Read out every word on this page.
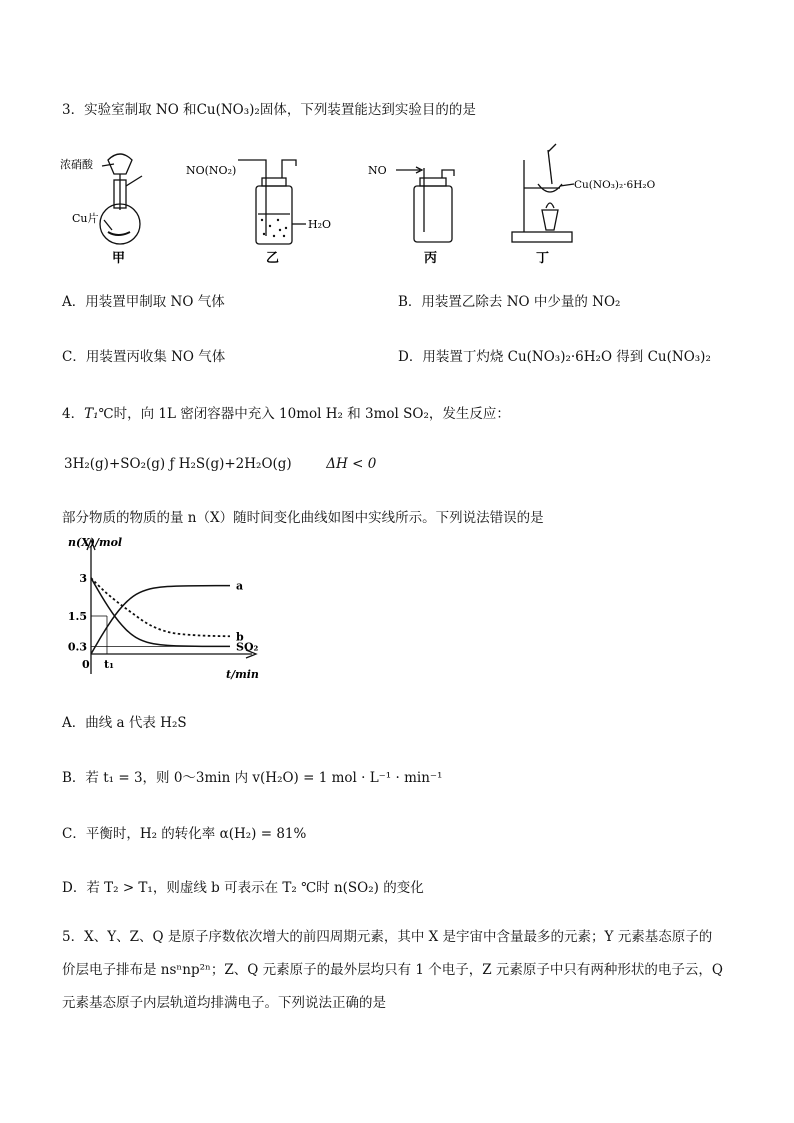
3．实验室制取 NO 和Cu(NO₃)₂固体，下列装置能达到实验目的的是
浓硝酸
Cu片
甲
NO(NO₂)
H₂O
乙
NO
丙
Cu(NO₃)₂·6H₂O
丁
A．用装置甲制取 NO 气体	B．用装置乙除去 NO 中少量的 NO₂
C．用装置丙收集 NO 气体	D．用装置丁灼烧 Cu(NO₃)₂·6H₂O 得到 Cu(NO₃)₂
4．T₁℃时，向 1L 密闭容器中充入 10mol H₂ 和 3mol SO₂，发生反应：
3H₂(g)+SO₂(g) ƒ H₂S(g)+2H₂O(g)	ΔH < 0
部分物质的物质的量 n（X）随时间变化曲线如图中实线所示。下列说法错误的是
n(X)/mol
t/min
3
1.5
0.3
0 t₁
a
b
SO₂
A．曲线 a 代表 H₂S
B．若 t₁ = 3，则 0～3min 内 v(H₂O) = 1 mol · L⁻¹ · min⁻¹
C．平衡时，H₂ 的转化率 α(H₂) = 81%
D．若 T₂ > T₁，则虚线 b 可表示在 T₂ ℃时 n(SO₂) 的变化
5．X、Y、Z、Q 是原子序数依次增大的前四周期元素，其中 X 是宇宙中含量最多的元素；Y 元素基态原子的
价层电子排布是 nsⁿnp²ⁿ；Z、Q 元素原子的最外层均只有 1 个电子，Z 元素原子中只有两种形状的电子云，Q
元素基态原子内层轨道均排满电子。下列说法正确的是
